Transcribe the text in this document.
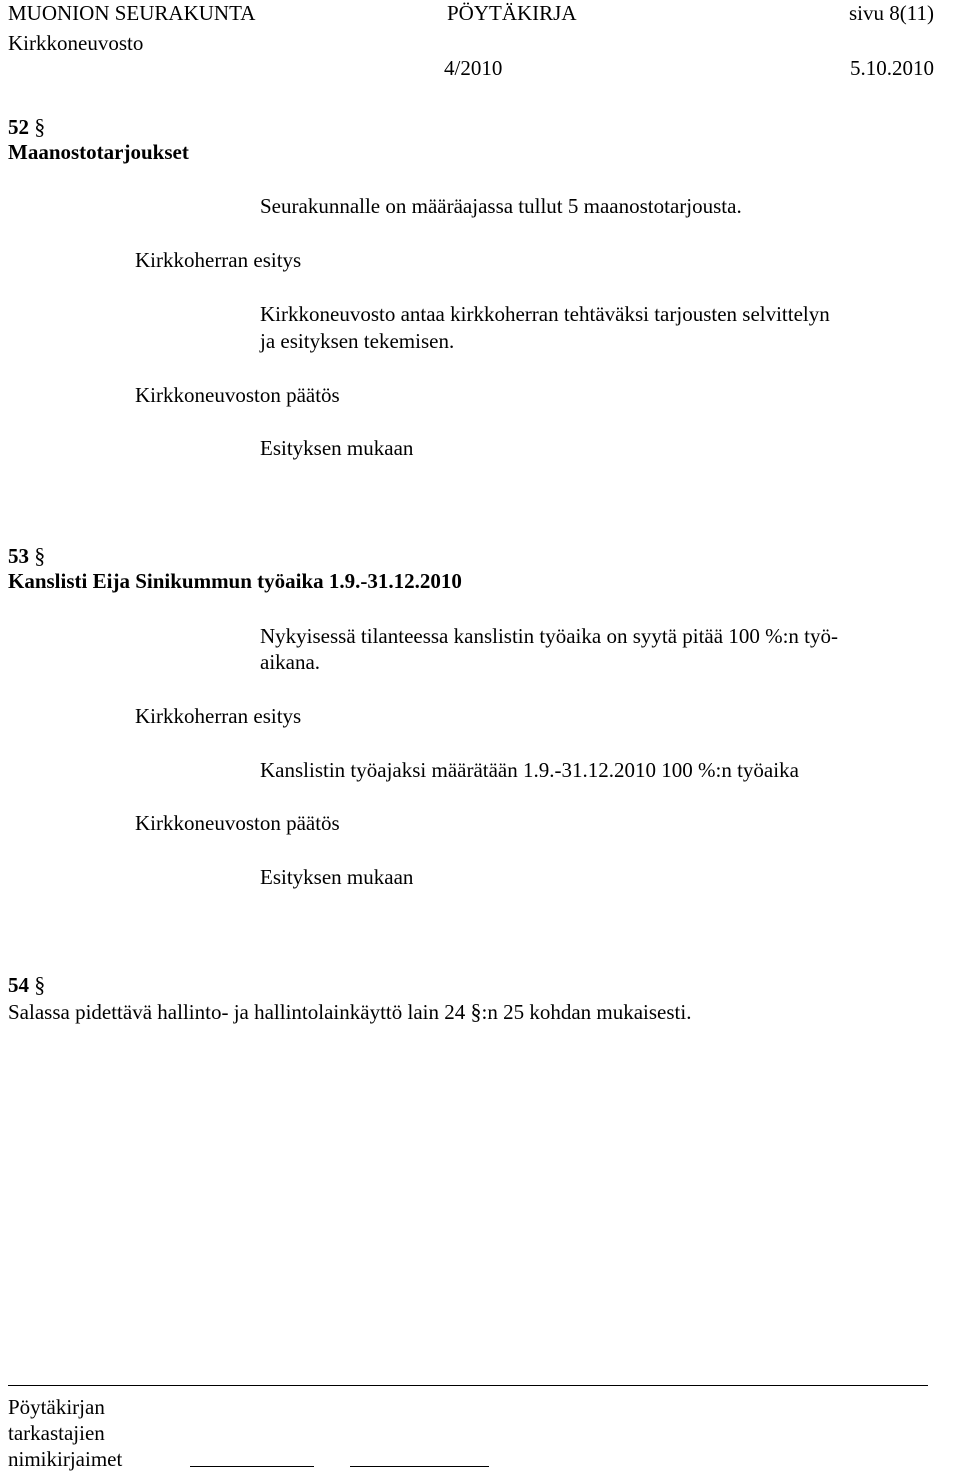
MUONION SEURAKUNTA	PÖYTÄKIRJA	sivu 8(11)
Kirkkoneuvosto
4/2010	5.10.2010
52 §
Maanostotarjoukset
Seurakunnalle on määräajassa tullut 5 maanostotarjousta.
Kirkkoherran esitys
Kirkkoneuvosto antaa kirkkoherran tehtäväksi tarjousten selvittelyn
ja esityksen tekemisen.
Kirkkoneuvoston päätös
Esityksen mukaan
53 §
Kanslisti Eija Sinikummun työaika 1.9.-31.12.2010
Nykyisessä tilanteessa kanslistin työaika on syytä pitää 100 %:n työ-
aikana.
Kirkkoherran esitys
Kanslistin työajaksi määrätään 1.9.-31.12.2010 100 %:n työaika
Kirkkoneuvoston päätös
Esityksen mukaan
54 §
Salassa pidettävä hallinto- ja hallintolainkäyttö lain 24 §:n 25 kohdan mukaisesti.
Pöytäkirjan
tarkastajien
nimikirjaimet
